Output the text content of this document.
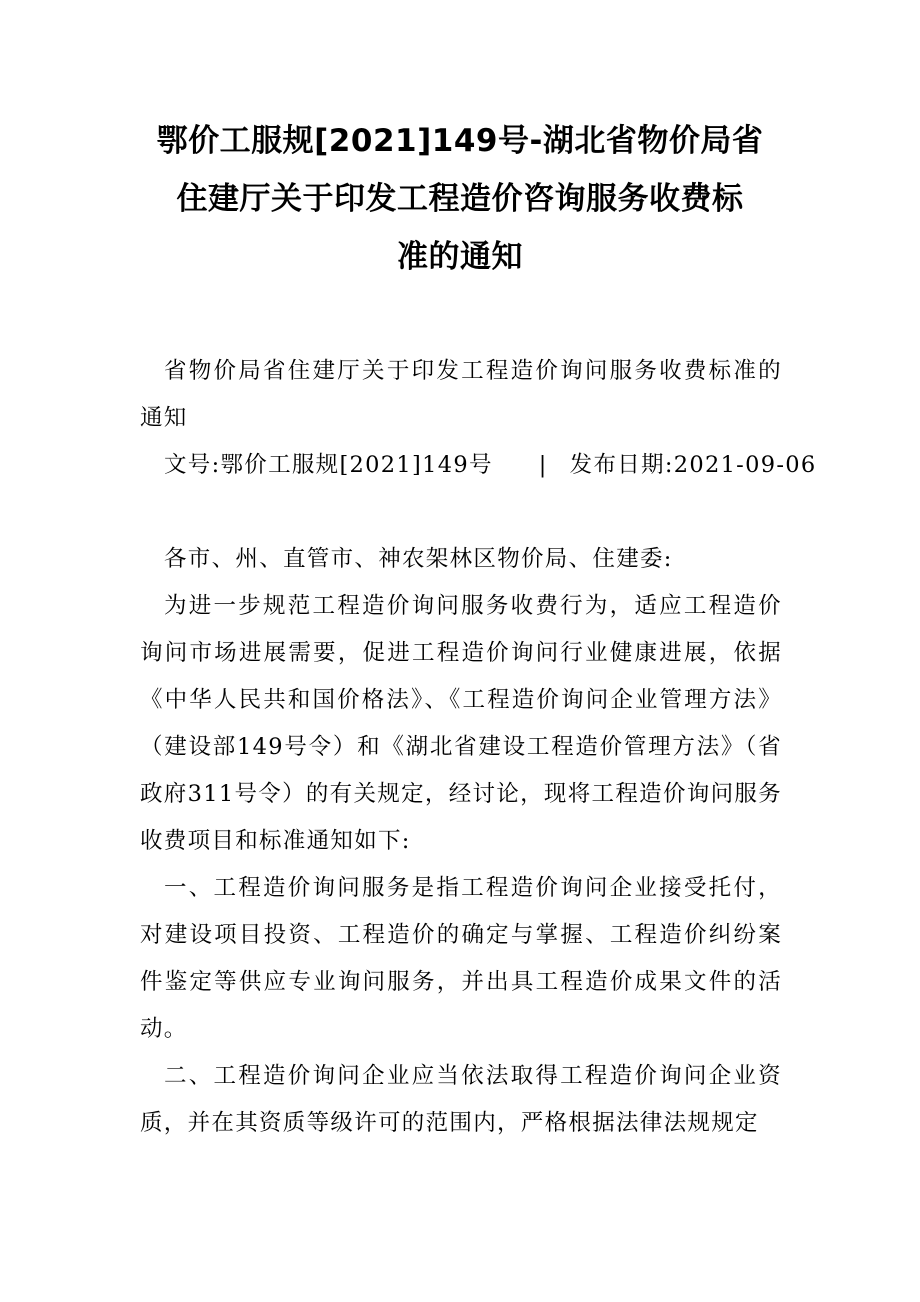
鄂价工服规[2021]149号-湖北省物价局省
住建厅关于印发工程造价咨询服务收费标
准的通知

省物价局省住建厅关于印发工程造价询问服务收费标准的通知

文号:鄂价工服规[2021]149号 | 发布日期:2021-09-06

各市、州、直管市、神农架林区物价局、住建委:

为进一步规范工程造价询问服务收费行为，适应工程造价询问市场进展需要，促进工程造价询问行业健康进展，依据《中华人民共和国价格法》、《工程造价询问企业管理方法》（建设部149号令）和《湖北省建设工程造价管理方法》（省政府311号令）的有关规定，经讨论，现将工程造价询问服务收费项目和标准通知如下:

一、工程造价询问服务是指工程造价询问企业接受托付，对建设项目投资、工程造价的确定与掌握、工程造价纠纷案件鉴定等供应专业询问服务，并出具工程造价成果文件的活动。

二、工程造价询问企业应当依法取得工程造价询问企业资质，并在其资质等级许可的范围内，严格根据法律法规规定
